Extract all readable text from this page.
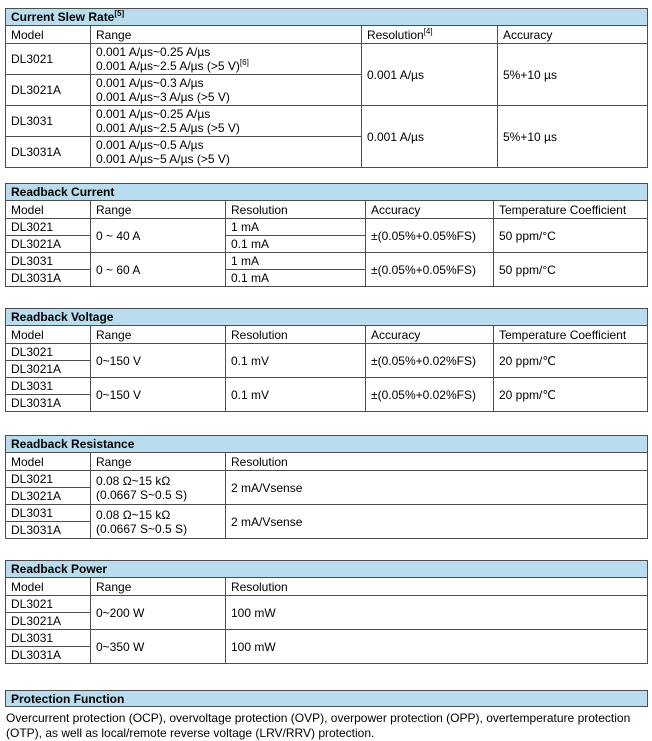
Current Slew Rate[5]
Model	Range	Resolution[4]	Accuracy
DL3021	0.001 A/µs~0.25 A/µs
0.001 A/µs~2.5 A/µs (>5 V)[6]	0.001 A/µs	5%+10 µs
DL3021A	0.001 A/µs~0.3 A/µs
0.001 A/µs~3 A/µs (>5 V)		

DL3031	0.001 A/µs~0.25 A/µs
0.001 A/µs~2.5 A/µs (>5 V)	0.001 A/µs	5%+10 µs
DL3031A	0.001 A/µs~0.5 A/µs
0.001 A/µs~5 A/µs (>5 V)		
Readback Current				
Model	Range	Resolution	Accuracy	Temperature Coefficient
DL3021	0 ~ 40 A	1 mA	±(0.05%+0.05%FS)	50 ppm/°C
DL3021A		0.1 mA		
DL3031	0 ~ 60 A	1 mA	±(0.05%+0.05%FS)	50 ppm/°C
DL3031A		0.1 mA		
Readback Voltage				
Model	Range	Resolution	Accuracy	Temperature Coefficient
DL3021	0~150 V	0.1 mV	±(0.05%+0.02%FS)	20 ppm/℃
DL3021A				
DL3031	0~150 V	0.1 mV	±(0.05%+0.02%FS)	20 ppm/℃
DL3031A				
Readback Resistance		
Model	Range	Resolution
DL3021	0.08 Ω~15 kΩ
(0.0667 S~0.5 S)	2 mA/Vsense
DL3021A		
DL3031	0.08 Ω~15 kΩ
(0.0667 S~0.5 S)	2 mA/Vsense
DL3031A		
Readback Power		
Model	Range	Resolution
DL3021	0~200 W	100 mW
DL3021A		
DL3031	0~350 W	100 mW
DL3031A		
Protection Function
Overcurrent protection (OCP), overvoltage protection (OVP), overpower protection (OPP), overtemperature protection (OTP), as well as local/remote reverse voltage (LRV/RRV) protection.
